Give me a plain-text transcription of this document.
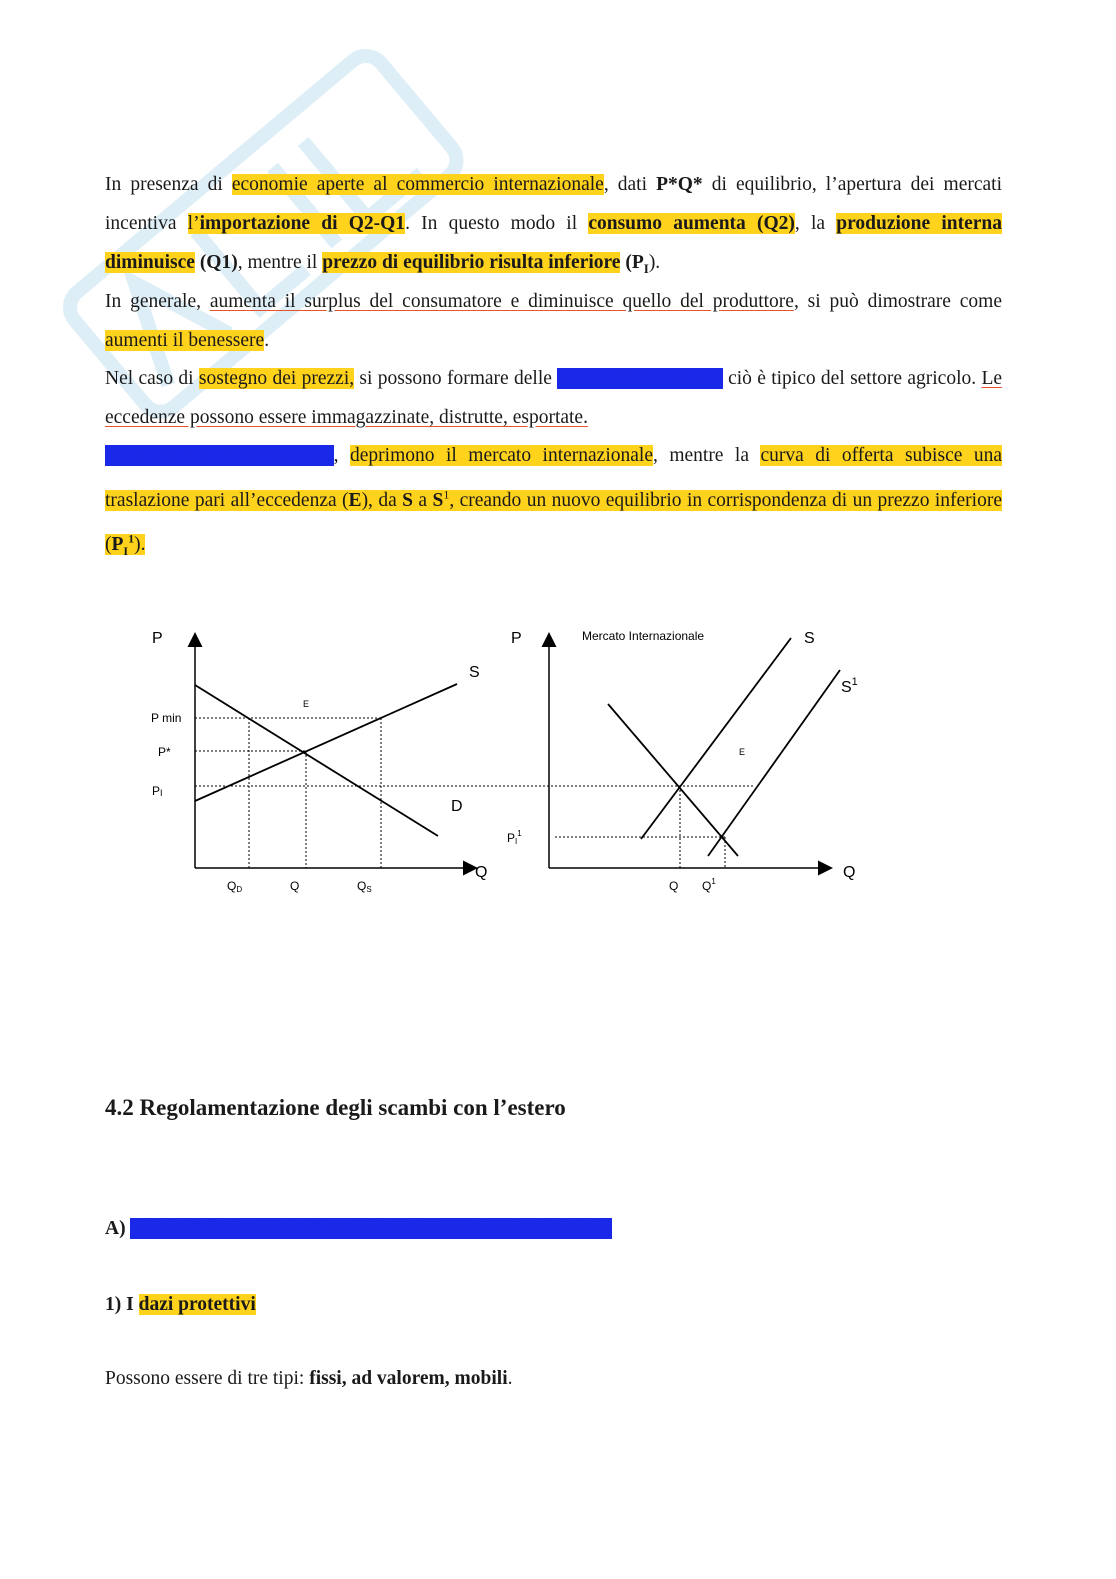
In presenza di economie aperte al commercio internazionale, dati P*Q* di equilibrio, l’apertura dei mercati incentiva l’importazione di Q2-Q1. In questo modo il consumo aumenta (Q2), la produzione interna diminuisce (Q1), mentre il prezzo di equilibrio risulta inferiore $(P_I)$.

In generale, aumenta il surplus del consumatore e diminuisce quello del produttore, si può dimostrare come aumenti il benessere.

Nel caso di sostegno dei prezzi, si possono formare delle eccedenze produttive ciò è tipico del settore agricolo. Le eccedenze possono essere immagazzinate, distrutte, esportate.

Qualora collocate all’estero, deprimono il mercato internazionale, mentre la curva di offerta subisce una traslazione pari all’eccedenza (E), da S a $S^1$, creando un nuovo equilibrio in corrispondenza di un prezzo inferiore $(P_I^1)$.

P
Q
S
D
E
P min
P*
PI
QD	Q	QS
P
Q
Mercato Internazionale	S
$S^1$
E
$PI^1$
Q $Q^1$
4.2 Regolamentazione degli scambi con l’estero

A) (INTERVENTI PER REGOLARE LE IMPORTAZIONI)

1) I dazi protettivi

Possono essere di tre tipi: fissi, ad valorem, mobili.
